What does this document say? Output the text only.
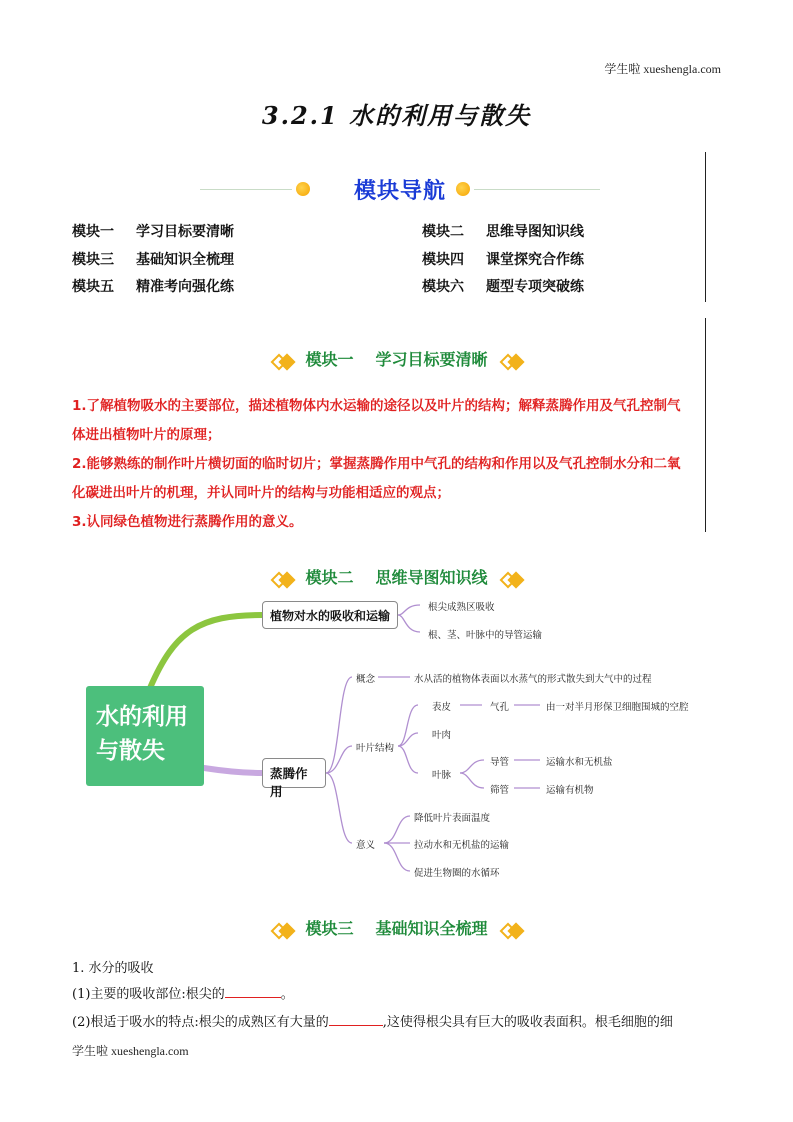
学生啦 xueshengla.com
学生啦 xueshengla.com
3.2.1 水的利用与散失
模块导航
模块一 学习目标要清晰	模块二 思维导图知识线
模块三 基础知识全梳理	模块四 课堂探究合作练
模块五 精准考向强化练	模块六 题型专项突破练
模块一 学习目标要清晰
1.了解植物吸水的主要部位，描述植物体内水运输的途径以及叶片的结构；解释蒸腾作用及气孔控制气
体进出植物叶片的原理；
2.能够熟练的制作叶片横切面的临时切片；掌握蒸腾作用中气孔的结构和作用以及气孔控制水分和二氧
化碳进出叶片的机理，并认同叶片的结构与功能相适应的观点；
3.认同绿色植物进行蒸腾作用的意义。
模块二 思维导图知识线
水的利用
与散失
植物对水的吸收和运输
蒸腾作用
根尖成熟区吸收
根、茎、叶脉中的导管运输
概念	水从活的植物体表面以水蒸气的形式散失到大气中的过程
叶片结构
表皮	气孔	由一对半月形保卫细胞围城的空腔
叶肉
叶脉
导管	运输水和无机盐
筛管	运输有机物
意义
降低叶片表面温度
拉动水和无机盐的运输
促进生物圈的水循环
模块三 基础知识全梳理
1. 水分的吸收
(1)主要的吸收部位:根尖的	。
(2)根适于吸水的特点:根尖的成熟区有大量的	,这使得根尖具有巨大的吸收表面积。根毛细胞的细
